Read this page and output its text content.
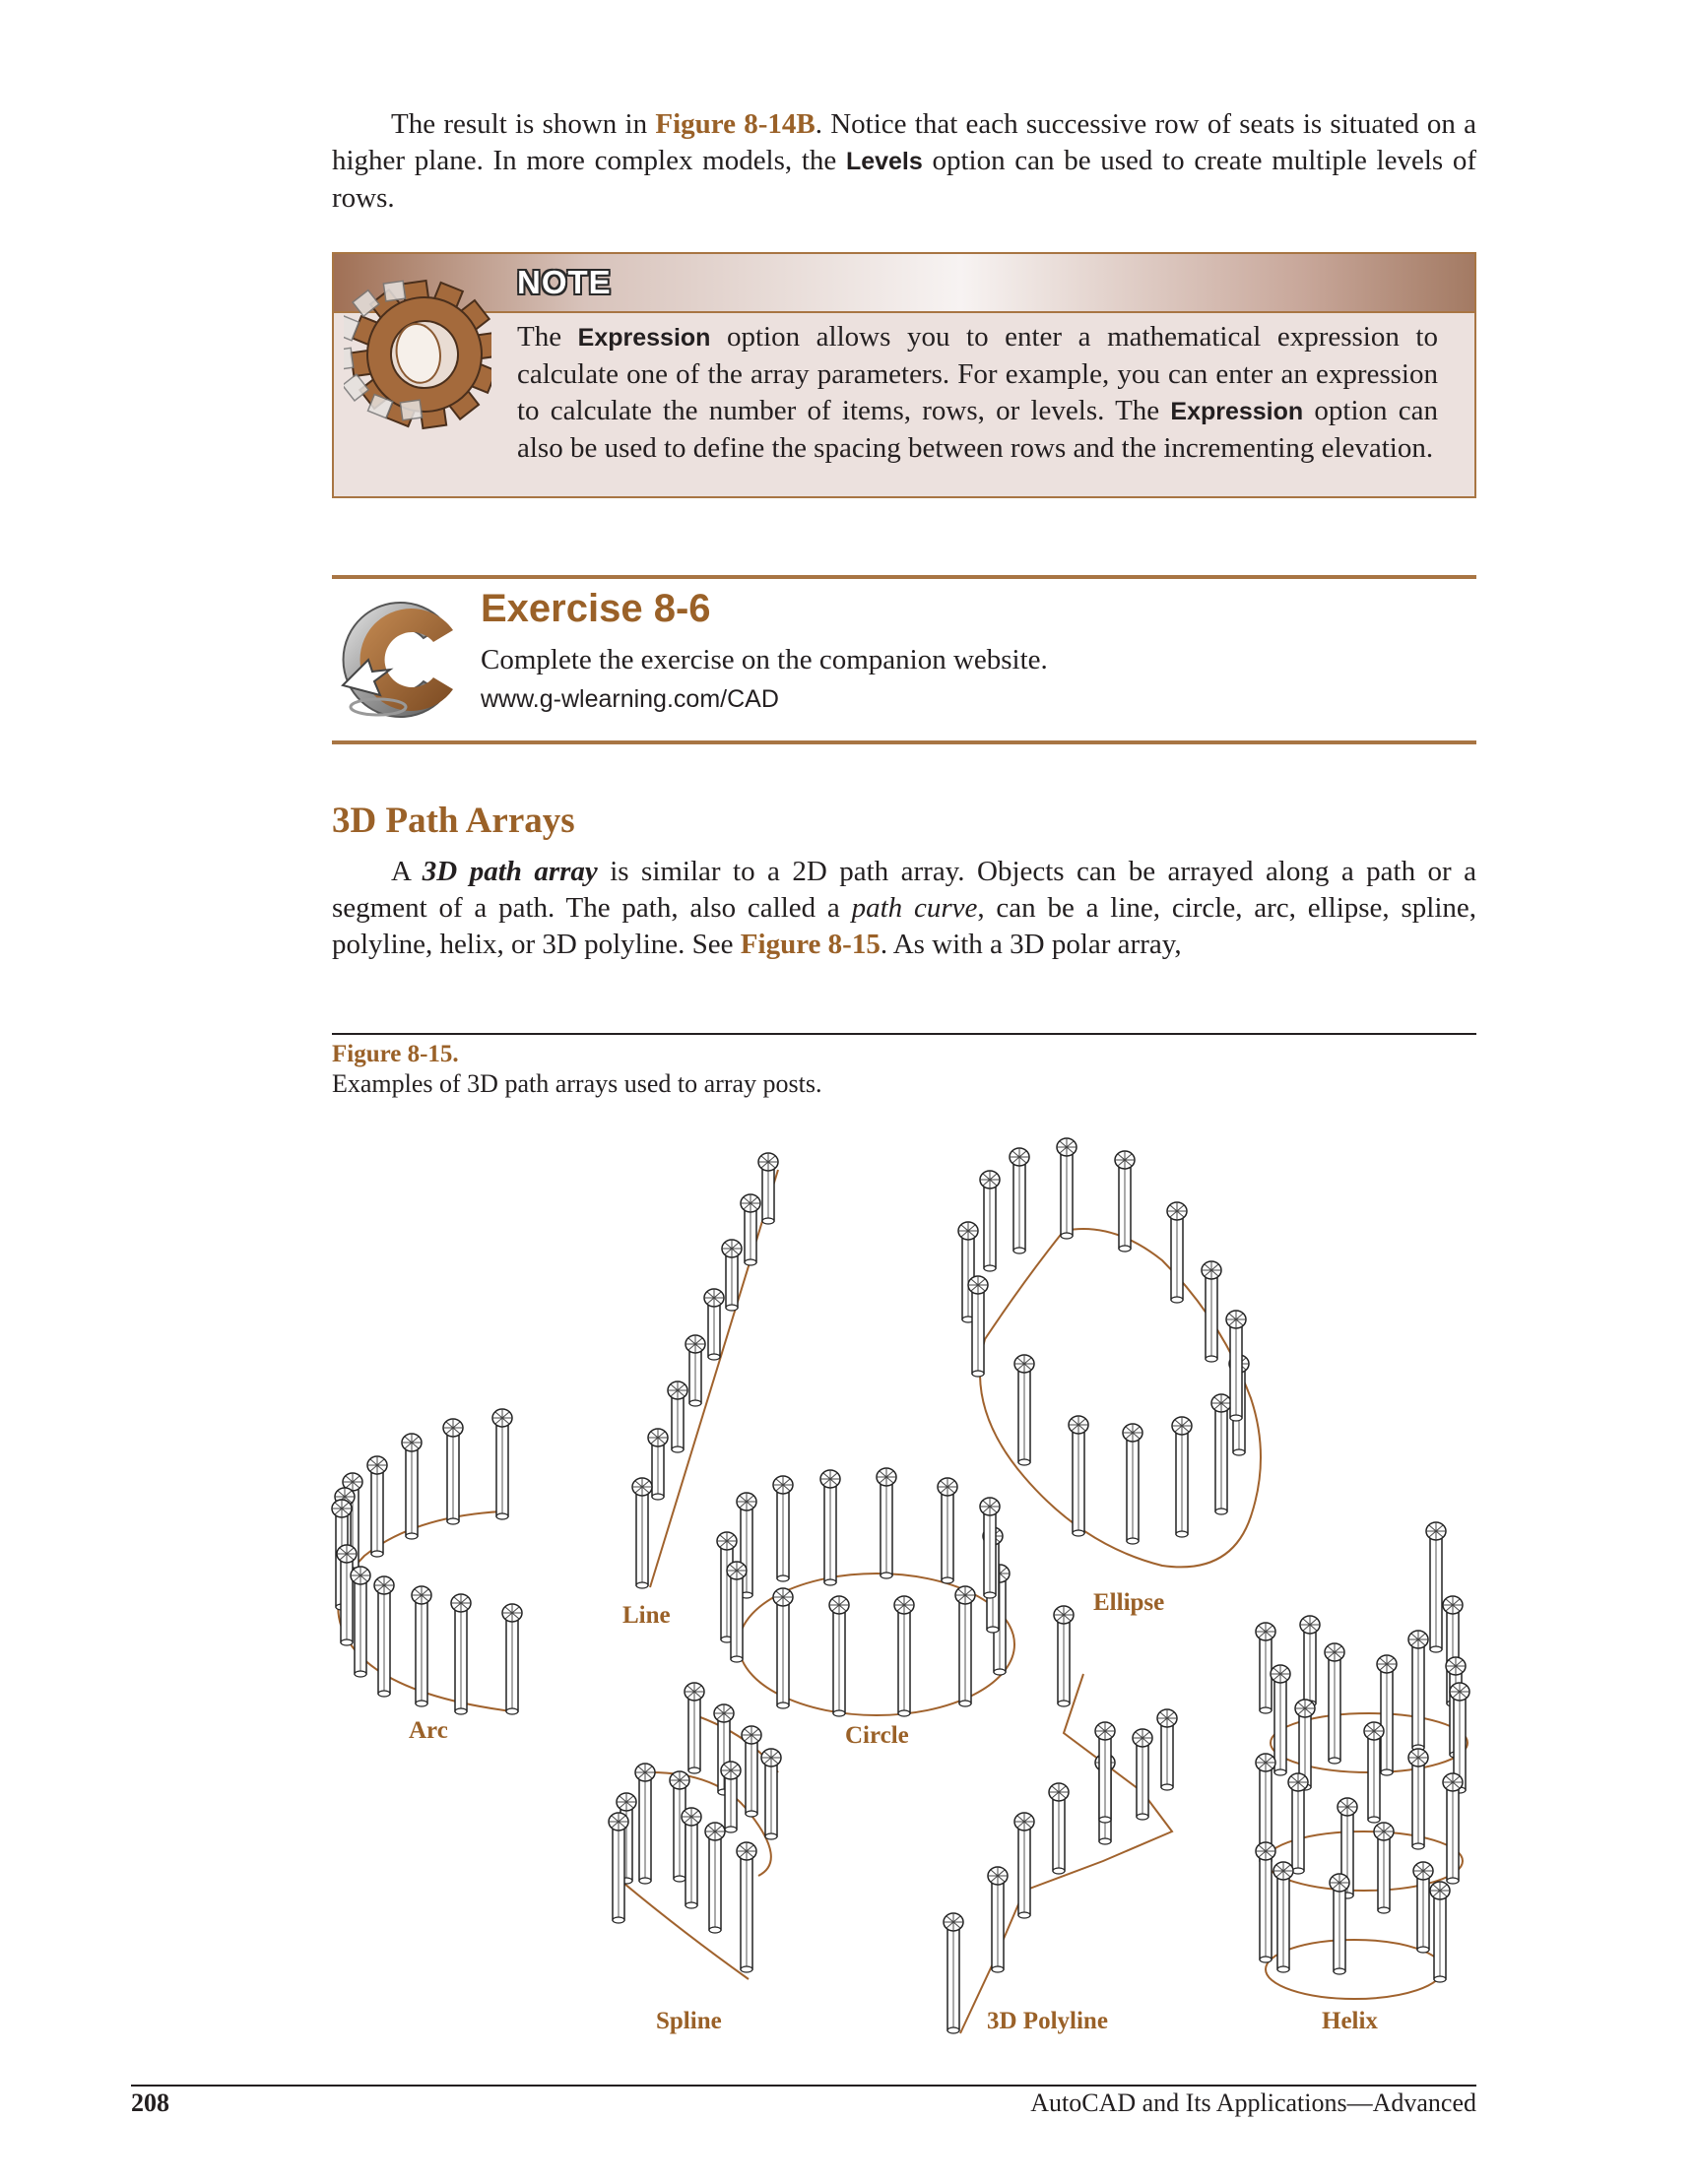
The result is shown in Figure 8-14B. Notice that each successive row of seats is situated on a higher plane. In more complex models, the Levels option can be used to create multiple levels of rows.
NOTE
The Expression option allows you to enter a mathematical expression to calculate one of the array parameters. For example, you can enter an expression to calculate the number of items, rows, or levels. The Expression option can also be used to define the spacing between rows and the incrementing elevation.
Exercise 8-6
Complete the exercise on the companion website.
www.g-wlearning.com/CAD
3D Path Arrays
A 3D path array is similar to a 2D path array. Objects can be arrayed along a path or a segment of a path. The path, also called a path curve, can be a line, circle, arc, ellipse, spline, polyline, helix, or 3D polyline. See Figure 8-15. As with a 3D polar array,
Figure 8-15.
Examples of 3D path arrays used to array posts.
Line	Ellipse
Arc	Circle
Spline	3D Polyline	Helix
208	AutoCAD and Its Applications—Advanced
